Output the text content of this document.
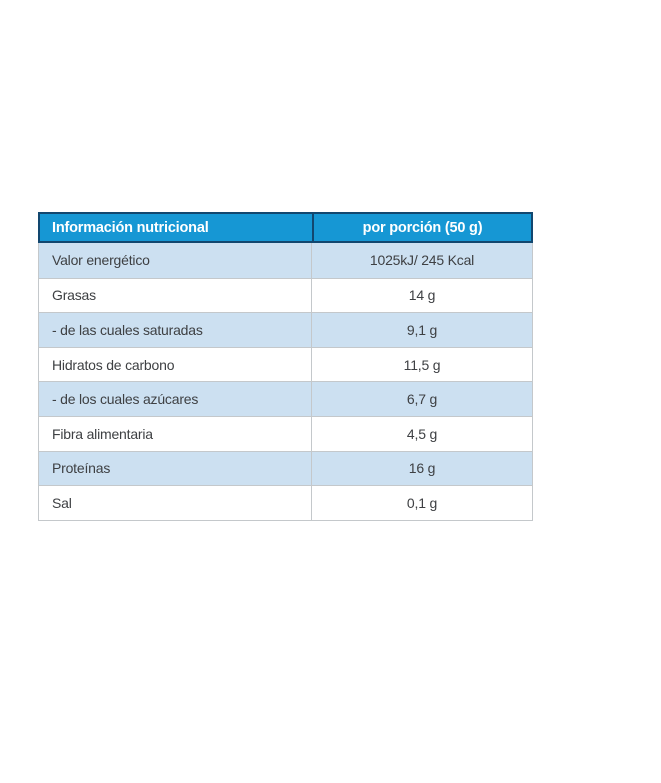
Información nutricional	por porción (50 g)
Valor energético	1025kJ/ 245 Kcal
Grasas	14 g
- de las cuales saturadas	9,1 g
Hidratos de carbono	11,5 g
- de los cuales azúcares	6,7 g
Fibra alimentaria	4,5 g
Proteínas	16 g
Sal	0,1 g
